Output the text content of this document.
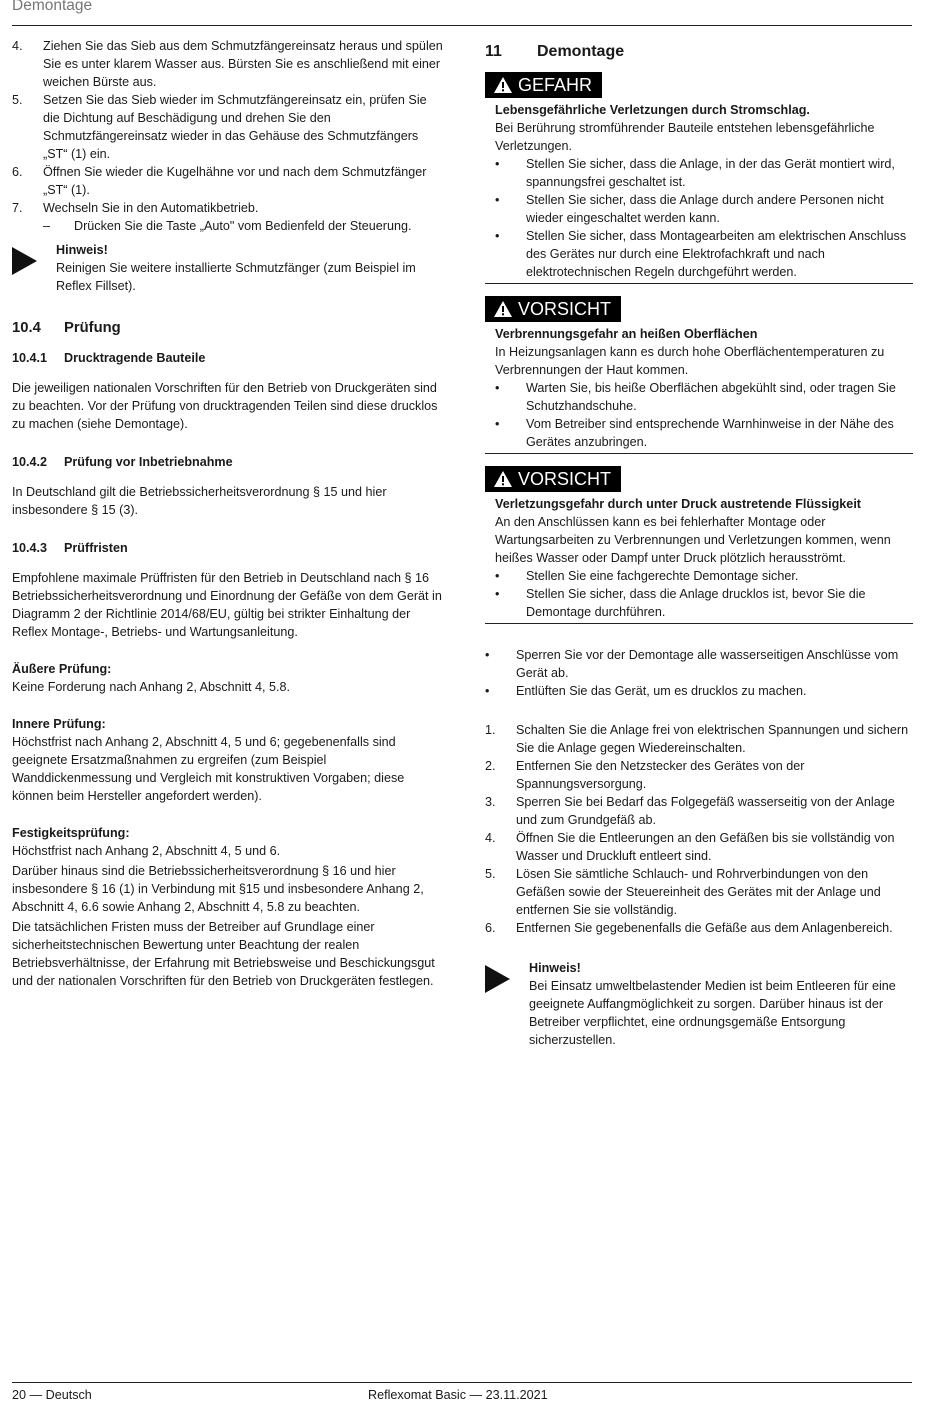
Demontage
4.	Ziehen Sie das Sieb aus dem Schmutzfängereinsatz heraus und spülen Sie es unter klarem Wasser aus. Bürsten Sie es anschließend mit einer weichen Bürste aus.
5.	Setzen Sie das Sieb wieder im Schmutzfängereinsatz ein, prüfen Sie die Dichtung auf Beschädigung und drehen Sie den Schmutzfängereinsatz wieder in das Gehäuse des Schmutzfängers „ST“ (1) ein.
6.	Öffnen Sie wieder die Kugelhähne vor und nach dem Schmutzfänger „ST“ (1).
7.	Wechseln Sie in den Automatikbetrieb.
–	Drücken Sie die Taste „Auto" vom Bedienfeld der Steuerung.
Hinweis!
Reinigen Sie weitere installierte Schmutzfänger (zum Beispiel im Reflex Fillset).
10.4	Prüfung
10.4.1	Drucktragende Bauteile
Die jeweiligen nationalen Vorschriften für den Betrieb von Druckgeräten sind zu beachten. Vor der Prüfung von drucktragenden Teilen sind diese drucklos zu machen (siehe Demontage).
10.4.2	Prüfung vor Inbetriebnahme
In Deutschland gilt die Betriebssicherheitsverordnung § 15 und hier insbesondere § 15 (3).
10.4.3	Prüffristen
Empfohlene maximale Prüffristen für den Betrieb in Deutschland nach § 16 Betriebssicherheitsverordnung und Einordnung der Gefäße von dem Gerät in Diagramm 2 der Richtlinie 2014/68/EU, gültig bei strikter Einhaltung der Reflex Montage-, Betriebs- und Wartungsanleitung.
Äußere Prüfung:
Keine Forderung nach Anhang 2, Abschnitt 4, 5.8.
Innere Prüfung:
Höchstfrist nach Anhang 2, Abschnitt 4, 5 und 6; gegebenenfalls sind geeignete Ersatzmaßnahmen zu ergreifen (zum Beispiel Wanddickenmessung und Vergleich mit konstruktiven Vorgaben; diese können beim Hersteller angefordert werden).
Festigkeitsprüfung:
Höchstfrist nach Anhang 2, Abschnitt 4, 5 und 6.
Darüber hinaus sind die Betriebssicherheitsverordnung § 16 und hier insbesondere § 16 (1) in Verbindung mit §15 und insbesondere Anhang 2, Abschnitt 4, 6.6 sowie Anhang 2, Abschnitt 4, 5.8 zu beachten.
Die tatsächlichen Fristen muss der Betreiber auf Grundlage einer sicherheitstechnischen Bewertung unter Beachtung der realen Betriebsverhältnisse, der Erfahrung mit Betriebsweise und Beschickungsgut und der nationalen Vorschriften für den Betrieb von Druckgeräten festlegen.
11	Demontage
GEFAHR
Lebensgefährliche Verletzungen durch Stromschlag.
Bei Berührung stromführender Bauteile entstehen lebensgefährliche Verletzungen.
•	Stellen Sie sicher, dass die Anlage, in der das Gerät montiert wird, spannungsfrei geschaltet ist.
•	Stellen Sie sicher, dass die Anlage durch andere Personen nicht wieder eingeschaltet werden kann.
•	Stellen Sie sicher, dass Montagearbeiten am elektrischen Anschluss des Gerätes nur durch eine Elektrofachkraft und nach elektrotechnischen Regeln durchgeführt werden.
VORSICHT
Verbrennungsgefahr an heißen Oberflächen
In Heizungsanlagen kann es durch hohe Oberflächentemperaturen zu Verbrennungen der Haut kommen.
•	Warten Sie, bis heiße Oberflächen abgekühlt sind, oder tragen Sie Schutzhandschuhe.
•	Vom Betreiber sind entsprechende Warnhinweise in der Nähe des Gerätes anzubringen.
VORSICHT
Verletzungsgefahr durch unter Druck austretende Flüssigkeit
An den Anschlüssen kann es bei fehlerhafter Montage oder Wartungsarbeiten zu Verbrennungen und Verletzungen kommen, wenn heißes Wasser oder Dampf unter Druck plötzlich herausströmt.
•	Stellen Sie eine fachgerechte Demontage sicher.
•	Stellen Sie sicher, dass die Anlage drucklos ist, bevor Sie die Demontage durchführen.
•	Sperren Sie vor der Demontage alle wasserseitigen Anschlüsse vom Gerät ab.
•	Entlüften Sie das Gerät, um es drucklos zu machen.
1.	Schalten Sie die Anlage frei von elektrischen Spannungen und sichern Sie die Anlage gegen Wiedereinschalten.
2.	Entfernen Sie den Netzstecker des Gerätes von der Spannungsversorgung.
3.	Sperren Sie bei Bedarf das Folgegefäß wasserseitig von der Anlage und zum Grundgefäß ab.
4.	Öffnen Sie die Entleerungen an den Gefäßen bis sie vollständig von Wasser und Druckluft entleert sind.
5.	Lösen Sie sämtliche Schlauch- und Rohrverbindungen von den Gefäßen sowie der Steuereinheit des Gerätes mit der Anlage und entfernen Sie sie vollständig.
6.	Entfernen Sie gegebenenfalls die Gefäße aus dem Anlagenbereich.
Hinweis!
Bei Einsatz umweltbelastender Medien ist beim Entleeren für eine geeignete Auffangmöglichkeit zu sorgen. Darüber hinaus ist der Betreiber verpflichtet, eine ordnungsgemäße Entsorgung sicherzustellen.
20 — Deutsch	Reflexomat Basic — 23.11.2021
